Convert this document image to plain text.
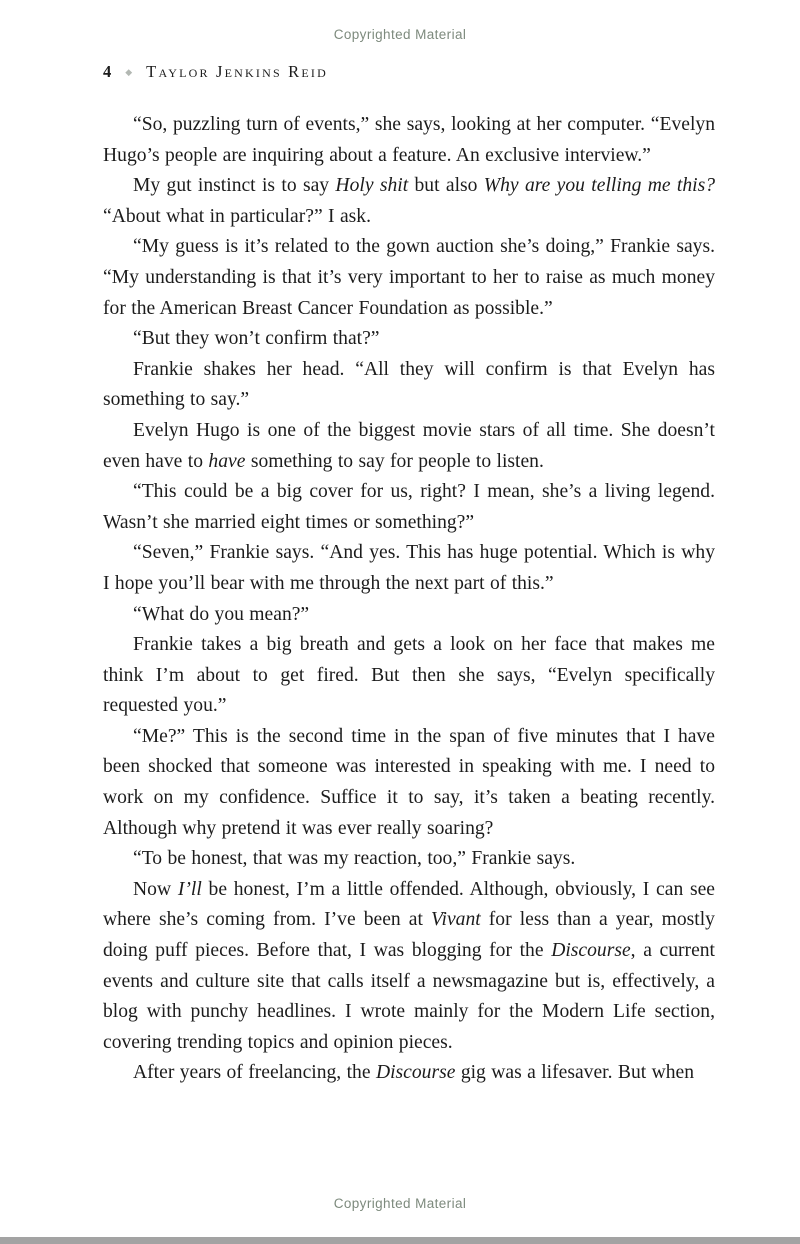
Copyrighted Material
4 ◆ Taylor Jenkins Reid

“So, puzzling turn of events,” she says, looking at her computer. “Evelyn Hugo’s people are inquiring about a feature. An exclusive interview.”

My gut instinct is to say Holy shit but also Why are you telling me this? “About what in particular?” I ask.

“My guess is it’s related to the gown auction she’s doing,” Frankie says. “My understanding is that it’s very important to her to raise as much money for the American Breast Cancer Foundation as possible.”

“But they won’t confirm that?”

Frankie shakes her head. “All they will confirm is that Evelyn has something to say.”

Evelyn Hugo is one of the biggest movie stars of all time. She doesn’t even have to have something to say for people to listen.

“This could be a big cover for us, right? I mean, she’s a living legend. Wasn’t she married eight times or something?”

“Seven,” Frankie says. “And yes. This has huge potential. Which is why I hope you’ll bear with me through the next part of this.”

“What do you mean?”

Frankie takes a big breath and gets a look on her face that makes me think I’m about to get fired. But then she says, “Evelyn specifically requested you.”

“Me?” This is the second time in the span of five minutes that I have been shocked that someone was interested in speaking with me. I need to work on my confidence. Suffice it to say, it’s taken a beating recently. Although why pretend it was ever really soaring?

“To be honest, that was my reaction, too,” Frankie says.

Now I’ll be honest, I’m a little offended. Although, obviously, I can see where she’s coming from. I’ve been at Vivant for less than a year, mostly doing puff pieces. Before that, I was blogging for the Discourse, a current events and culture site that calls itself a newsmagazine but is, effectively, a blog with punchy headlines. I wrote mainly for the Modern Life section, covering trending topics and opinion pieces.

After years of freelancing, the Discourse gig was a lifesaver. But when

Copyrighted Material
